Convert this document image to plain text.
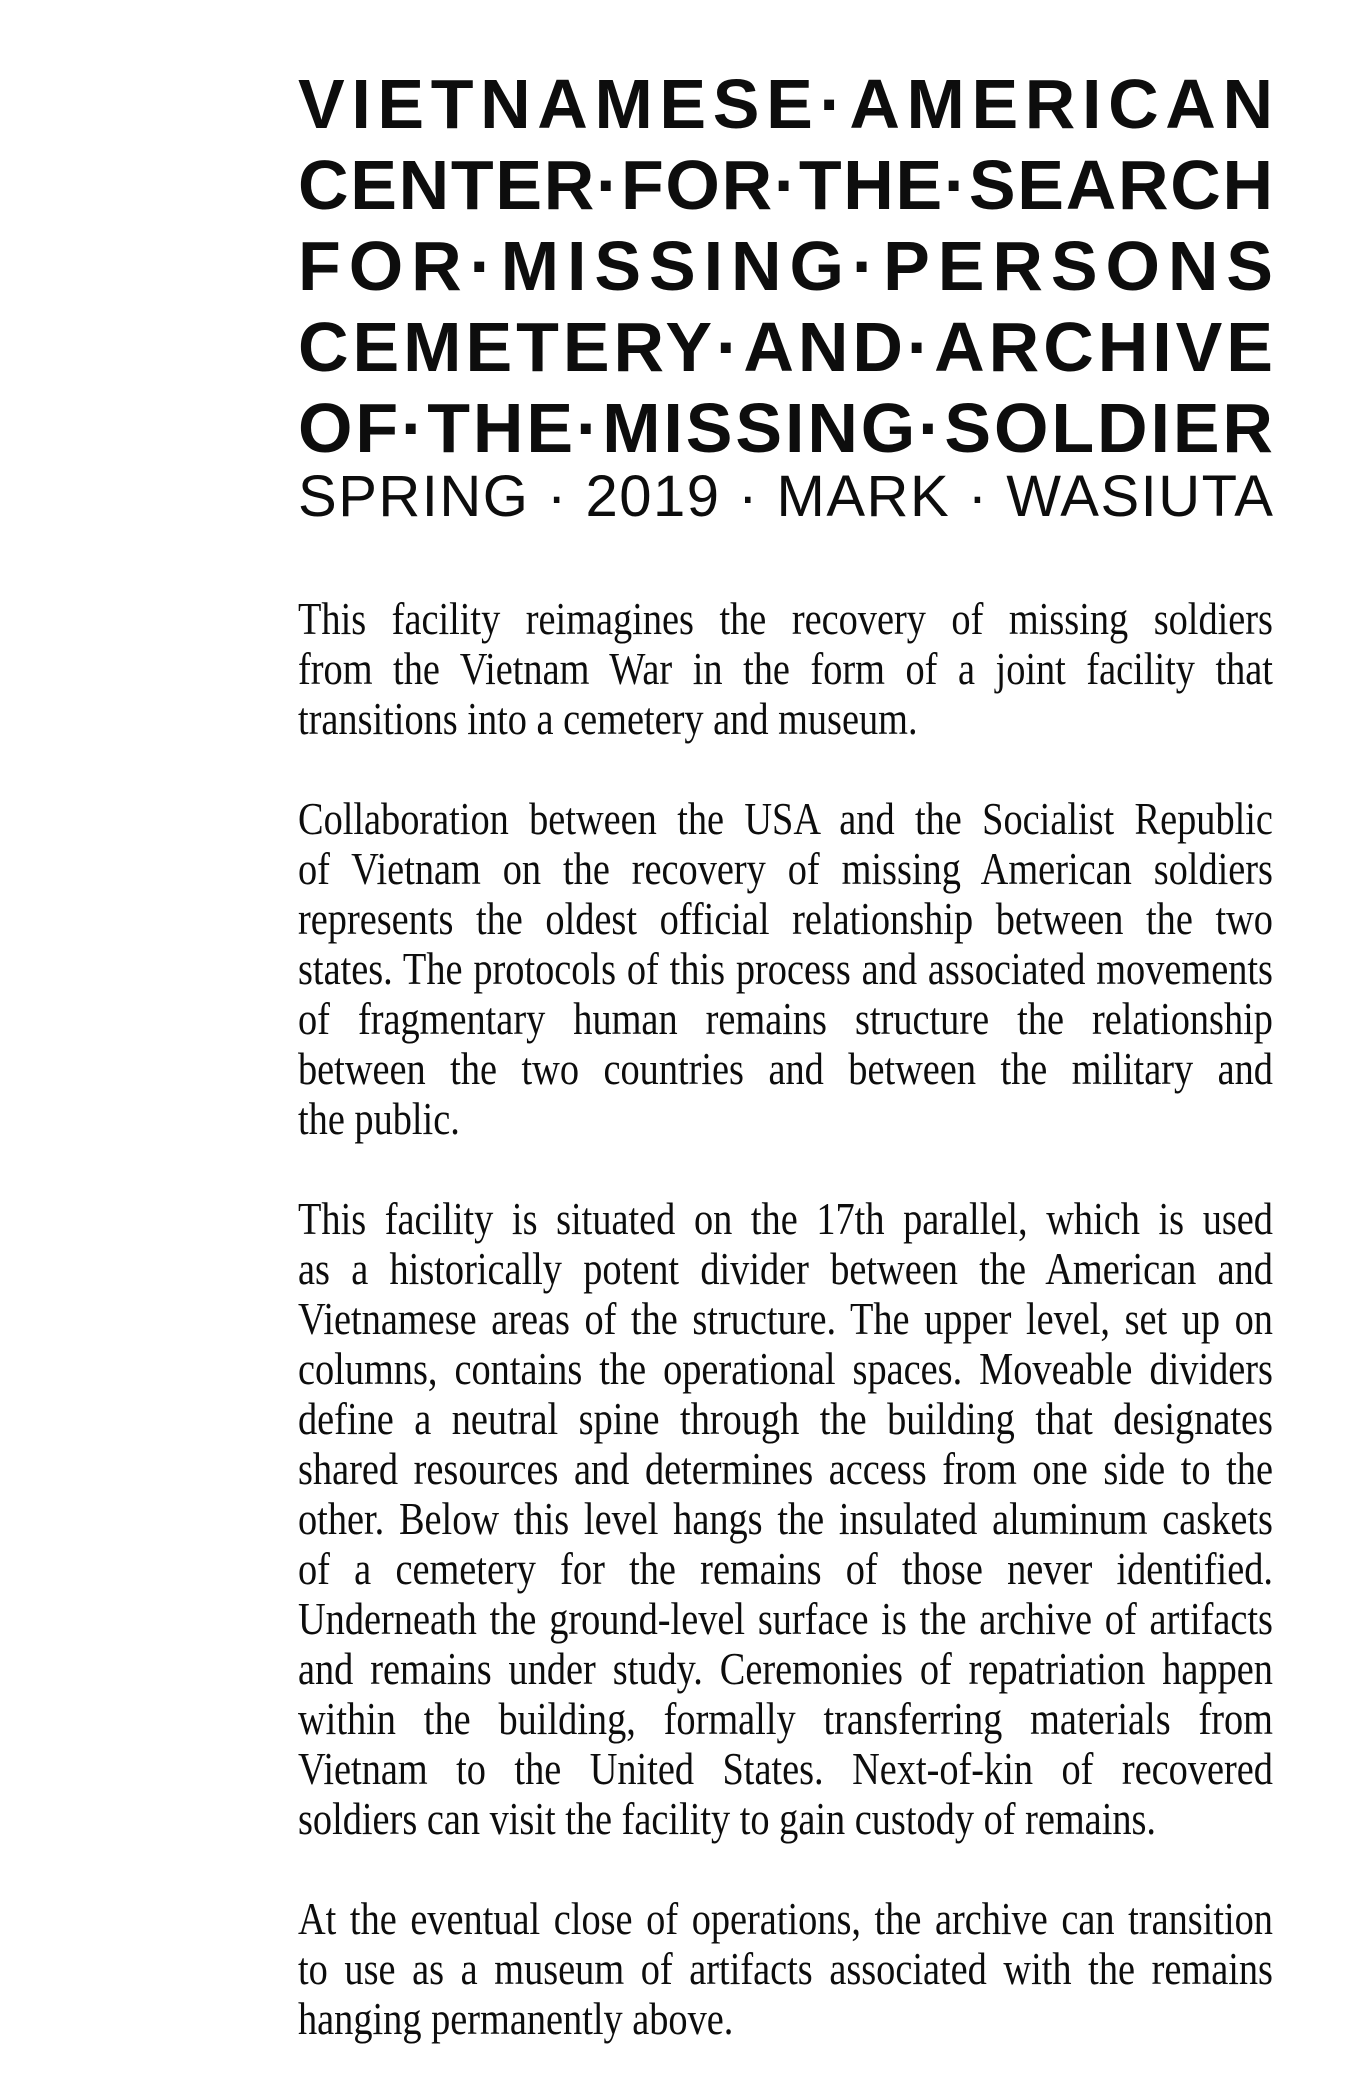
VIETNAMESE·AMERICAN
CENTER·FOR·THE·SEARCH
FOR·MISSING·PERSONS
CEMETERY·AND·ARCHIVE
OF·THE·MISSING·SOLDIER
SPRING · 2019 · MARK · WASIUTA
This facility reimagines the recovery of missing soldiers
from the Vietnam War in the form of a joint facility that
transitions into a cemetery and museum.
Collaboration between the USA and the Socialist Republic
of Vietnam on the recovery of missing American soldiers
represents the oldest official relationship between the two
states. The protocols of this process and associated movements
of fragmentary human remains structure the relationship
between the two countries and between the military and
the public.
This facility is situated on the 17th parallel, which is used
as a historically potent divider between the American and
Vietnamese areas of the structure. The upper level, set up on
columns, contains the operational spaces. Moveable dividers
define a neutral spine through the building that designates
shared resources and determines access from one side to the
other. Below this level hangs the insulated aluminum caskets
of a cemetery for the remains of those never identified.
Underneath the ground-level surface is the archive of artifacts
and remains under study. Ceremonies of repatriation happen
within the building, formally transferring materials from
Vietnam to the United States. Next-of-kin of recovered
soldiers can visit the facility to gain custody of remains.
At the eventual close of operations, the archive can transition
to use as a museum of artifacts associated with the remains
hanging permanently above.
